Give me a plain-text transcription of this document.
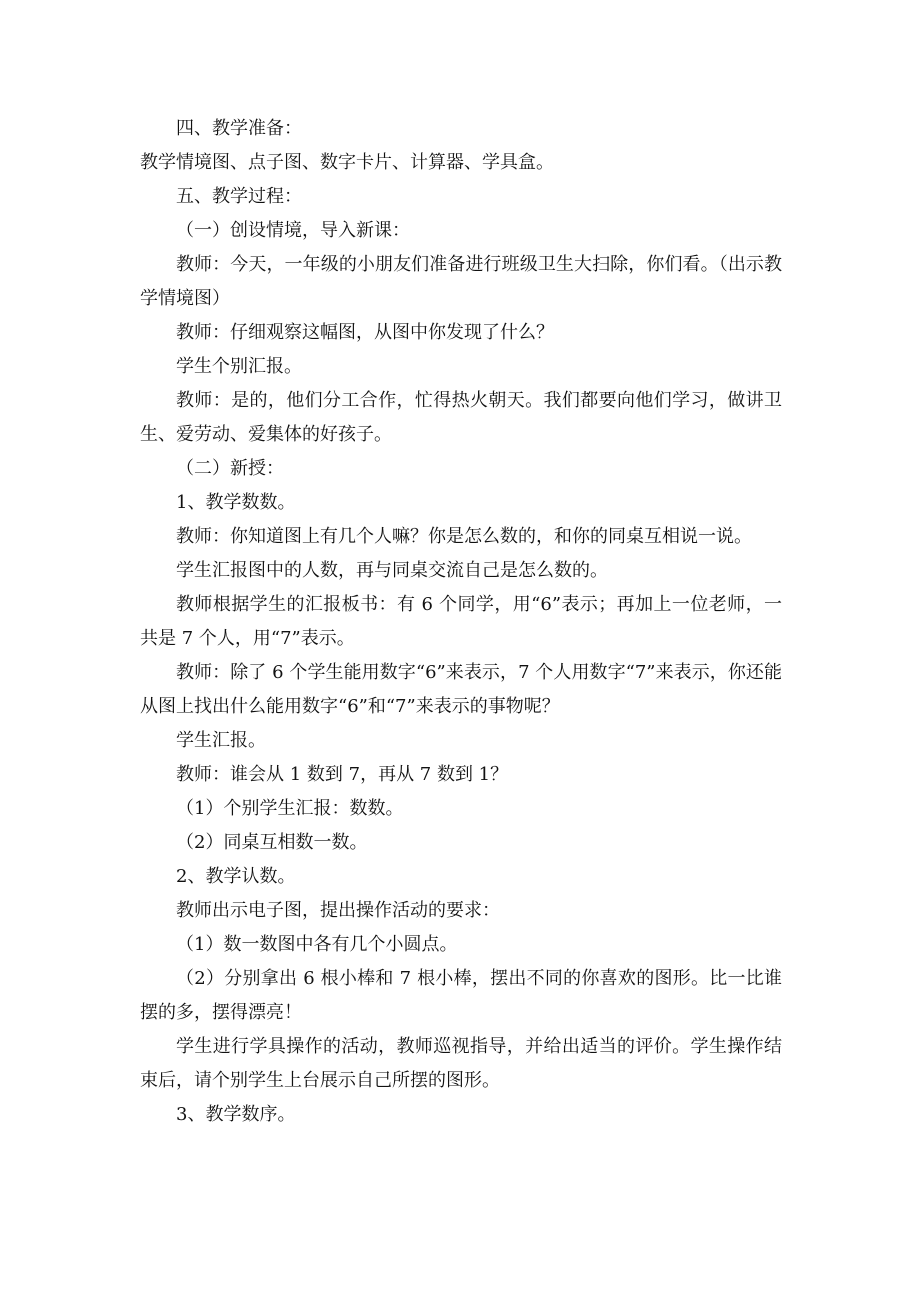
四、教学准备：

教学情境图、点子图、数字卡片、计算器、学具盒。

五、教学过程：

（一）创设情境，导入新课：

教师：今天，一年级的小朋友们准备进行班级卫生大扫除，你们看。（出示教学情境图）

教师：仔细观察这幅图，从图中你发现了什么？

学生个别汇报。

教师：是的，他们分工合作，忙得热火朝天。我们都要向他们学习，做讲卫生、爱劳动、爱集体的好孩子。

（二）新授：

1、教学数数。

教师：你知道图上有几个人嘛？你是怎么数的，和你的同桌互相说一说。

学生汇报图中的人数，再与同桌交流自己是怎么数的。

教师根据学生的汇报板书：有 6 个同学，用“6”表示；再加上一位老师，一共是 7 个人，用“7”表示。

教师：除了 6 个学生能用数字“6”来表示，7 个人用数字“7”来表示，你还能从图上找出什么能用数字“6”和“7”来表示的事物呢？

学生汇报。

教师：谁会从 1 数到 7，再从 7 数到 1？

（1）个别学生汇报：数数。

（2）同桌互相数一数。

2、教学认数。

教师出示电子图，提出操作活动的要求：

（1）数一数图中各有几个小圆点。

（2）分别拿出 6 根小棒和 7 根小棒，摆出不同的你喜欢的图形。比一比谁摆的多，摆得漂亮！

学生进行学具操作的活动，教师巡视指导，并给出适当的评价。学生操作结束后，请个别学生上台展示自己所摆的图形。

3、教学数序。
